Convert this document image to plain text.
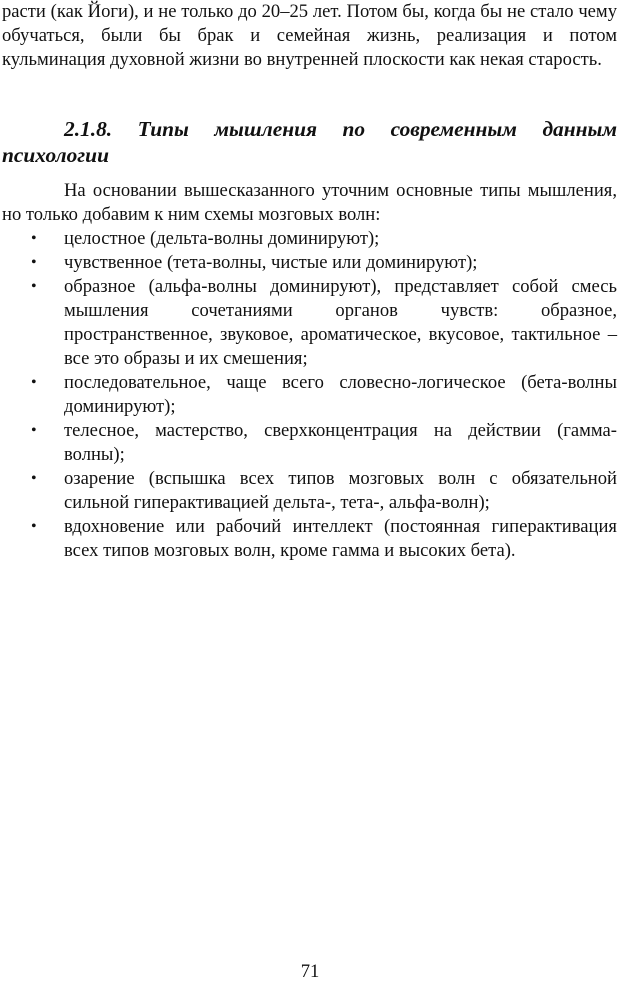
расти (как Йоги), и не только до 20–25 лет. Потом бы, когда бы не стало чему обучаться, были бы брак и семейная жизнь, реализация и потом кульминация духовной жизни во внутренней плоскости как некая старость.

2.1.8. Типы мышления по современным данным
психологии

На основании вышесказанного уточним основные типы мышления, но только добавим к ним схемы мозговых волн:

•	целостное (дельта-волны доминируют);
•	чувственное (тета-волны, чистые или доминируют);
•	образное (альфа-волны доминируют), представляет собой смесь мышления сочетаниями органов чувств: образное, пространственное, звуковое, ароматическое, вкусовое, тактильное – все это образы и их смешения;
•	последовательное, чаще всего словесно-логическое (бета-волны доминируют);
•	телесное, мастерство, сверхконцентрация на действии (гамма-волны);
•	озарение (вспышка всех типов мозговых волн с обязательной сильной гиперактивацией дельта-, тета-, альфа-волн);
•	вдохновение или рабочий интеллект (постоянная гиперактивация всех типов мозговых волн, кроме гамма и высоких бета).
71
